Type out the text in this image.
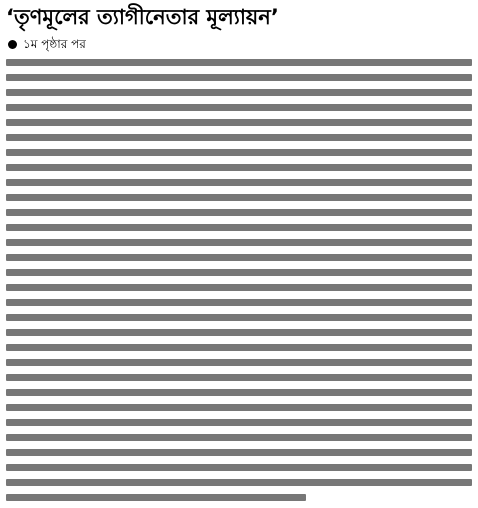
‘তৃণমূলের ত্যাগীনেতার মূল্যায়ন’
১ম পৃষ্ঠার পর
